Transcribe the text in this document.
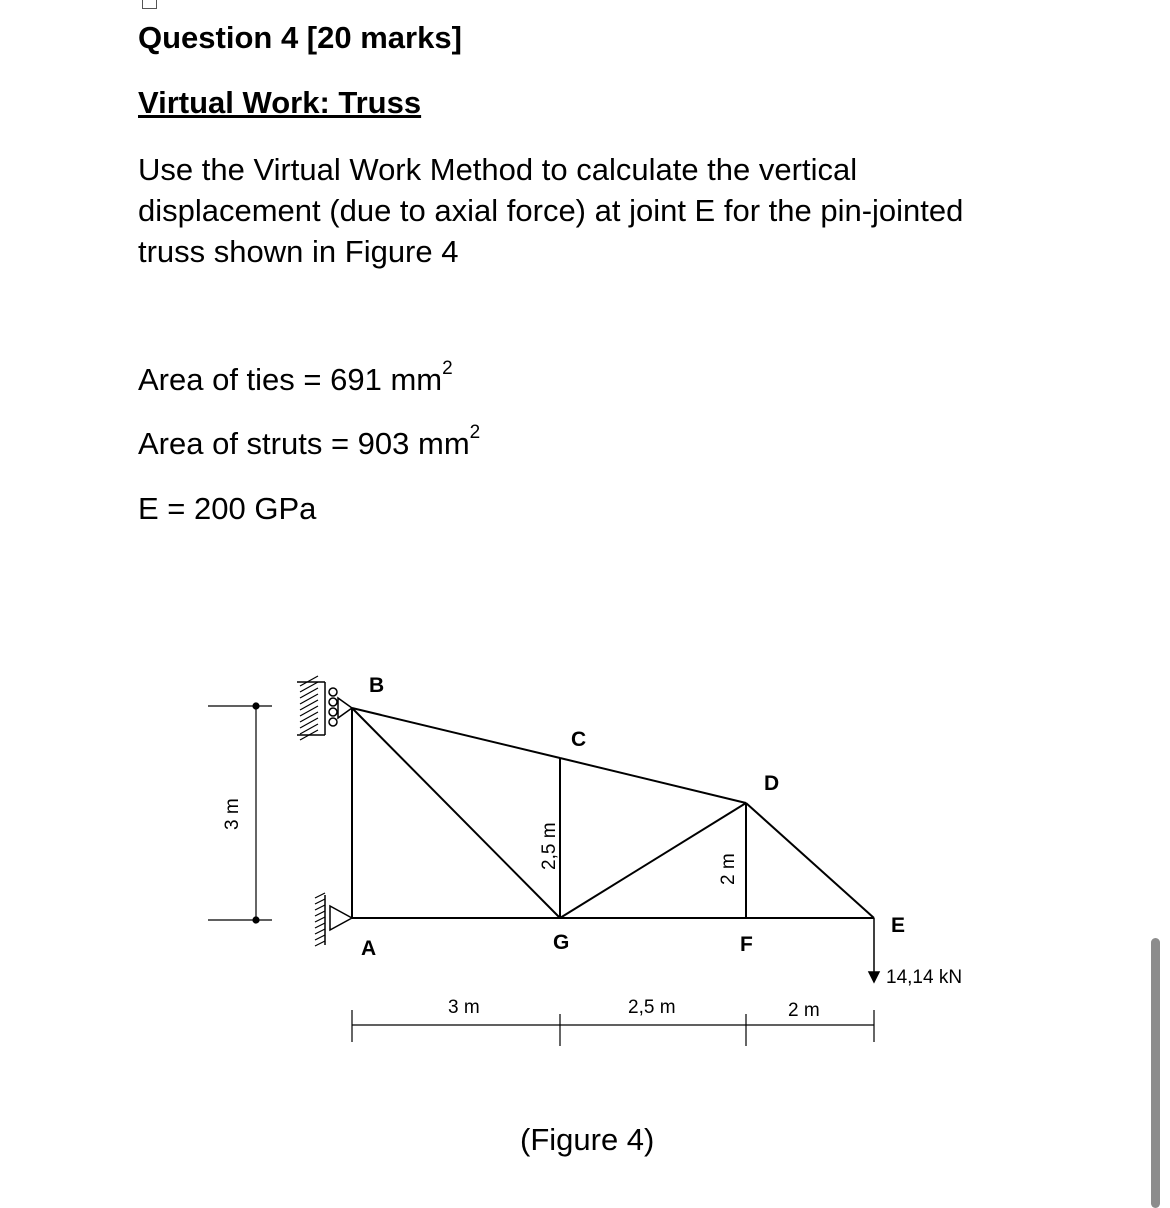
Question 4 [20 marks]
Virtual Work: Truss

Use the Virtual Work Method to calculate the vertical displacement (due to axial force) at joint E for the pin-jointed truss shown in Figure 4

Area of ties = 691 $mm^2$

Area of struts = 903 $mm^2$

E = 200 GPa

B
C
D
E
A	G	F
3 m
2,5 m	2 m
3 m	2,5 m	2 m
14,14 kN

(Figure 4)
